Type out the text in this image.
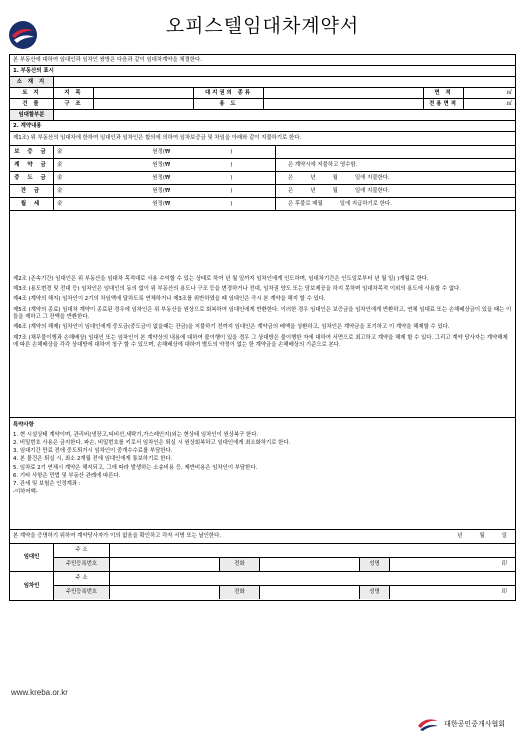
오피스텔임대차계약서
본 부동산에 대하여 임대인과 임차인 쌍방은 다음과 같이 임대차계약을 체결한다.
1. 부동산의 표시
소 재 지
토 지	지 목	대지권의 종류	면 적	㎡
건 물	구 조	용 도	전용면적	㎡
임대할부분
2. 계약내용
제1조) 위 부동산의 임대차에 한하여 임대인과 임차인은 합의에 의하여 임차보증금 및 차임을 아래와 같이 지불하기로 한다.
보 증 금	金	원정(₩	)
계 약 금	金	원정(₩	)	은 계약시에 지불하고 영수함.
중 도 금	金	원정(₩	)	은          년          월          일에 지불한다.
잔 금	金	원정(₩	)	은          년          월          일에 지불한다.
월 세	金	원정(₩	)	은 후불로 매월          일에 지급하기로 한다.
제2조 (존속기간) 임대인은 위 부동산을 임대차 목적대로 사용 수익할 수 있는 상태로 하여 년 월 일까지 임차인에게 인도하며, 임대차기간은 인도일로부터 년 월 일( )개월로 한다.
제3조 (용도변경 및 전대 등) 임차인은 임대인의 동의 없이 위 부동산의 용도나 구조 등을 변경하거나 전대, 임차권 양도 또는 담보제공을 하지 못하며 임대차목적 이외의 용도에 사용할 수 없다.
제4조 (계약의 해지) 임차인이 2기의 차임액에 달하도록 연체하거나 제3조를 위반하였을 때 임대인은 즉시 본 계약을 해지 할 수 있다.
제5조 (계약의 종료) 임대차 계약이 종료된 경우에 임차인은 위 부동산을 원상으로 회복하여 임대인에게 반환한다. 이러한 경우 임대인은 보증금을 임차인에게 반환하고, 연체 임대료 또는 손해배상금이 있을 때는 이들을 제하고 그 잔액을 반환한다.
제6조 (계약의 해제) 임차인이 임대인에게 중도금(중도금이 없을때는 잔금)을 지불하기 전까지 임대인은 계약금의 배액을 상환하고, 임차인은 계약금을 포기하고 이 계약을 해제할 수 있다.
제7조 (채무불이행과 손해배상) 임대인 또는 임차인이 본 계약상의 내용에 대하여 불이행이 있을 경우 그 상대방은 불이행한 자에 대하여 서면으로 최고하고 계약을 해제 할 수 있다. 그리고 계약 당사자는 계약해제에 따른 손해배상을 각각 상대방에 대하여 청구 할 수 있으며, 손해배상에 대하여 별도의 약정이 없는 한 계약금을 손해배상의 기준으로 본다.
특약사항
1. 현 시설상태 계약이며, 관리비(냉장고,티비선,세탁기,가스레인지)외는 현상태 임차인이 원상복구 한다.
2. 비밀번호 사용은 금지한다. 파손, 비밀번호를 키로서 임차인은 퇴실 시 원상회복하고 임대인에게 최소화하기로 한다.
3. 임대기간 만료 전에 중도퇴거시 임차인이 중개수수료를 부담한다.
4. 본 물건은 퇴실 시, 최소 2개월 전에 임대인에게 통보하기로 한다.
5. 임차료 2기 연체시 계약은 해지되고, 그에 따라 발생하는 소송비용 등, 제반비용은 임차인이 부담한다.
6. 기타 사항은 민법 및 부동산 관례에 따른다.
7. 관세 및 보험은 인정계좌 :
-이하여백-
본 계약을 증명하기 위하여 계약당사자가 이의 없음을 확인하고 각자 서명 또는 날인한다.	년          월          일
임대인
주 소
주민등록번호	전화	성명	印
임차인
주 소
주민등록번호	전화	성명	印
www.kreba.or.kr
대한공인중개사협회
